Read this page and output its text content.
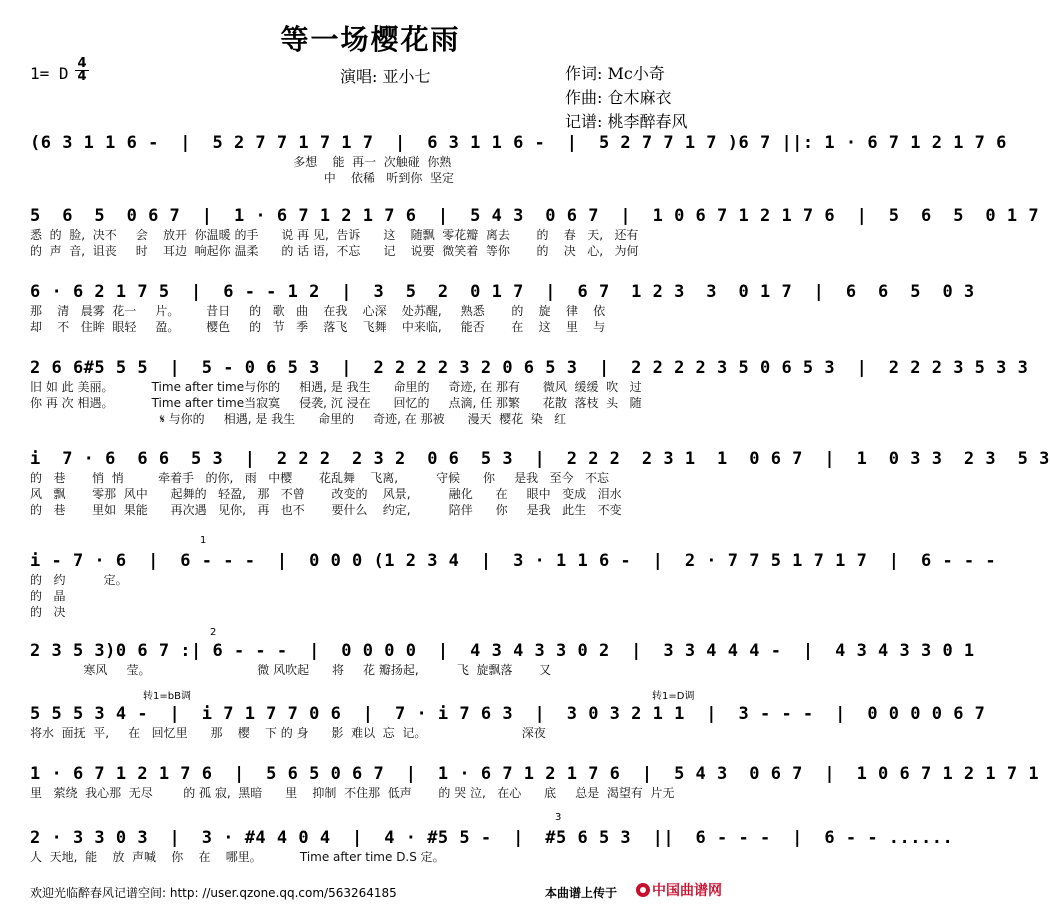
等一场樱花雨
1= D
4
4	演唱: 亚小七	作词: Mc小奇
作曲: 仓木麻衣
记谱: 桃李醉春风
(6 3 1 1 6 -  |  5 2 7 7 1 7 1 7  |  6 3 1 1 6 -  |  5 2 7 7 1 7 )6 7 ||: 1 · 6 7 1 2 1 7 6
多想    能  再一  次触碰  你熟
中    依稀   听到你  坚定
5  6  5  0 6 7  |  1 · 6 7 1 2 1 7 6  |  5 4 3  0 6 7  |  1 0 6 7 1 2 1 7 6  |  5  6  5  0 1 7
悉  的  脸,  决不     会    放开  你温暖 的手      说 再 见,  告诉      这    随飘  零花瓣  离去       的    春   天,   还有
的  声  音,  诅丧     时    耳边  响起你 温柔      的 话 语,  不忘      记    说要  微笑着  等你       的    决   心,   为何
6 · 6 2 1 7 5  |  6 - - 1 2  |  3  5  2  0 1 7  |  6 7  1 2 3  3  0 1 7  |  6  6  5  0 3
那    清   晨雾  花一     片。       昔日     的   歌   曲    在我    心深    处苏醒,     熟悉       的    旋    律    依
却    不   住眸  眼轻     盈。       樱色     的   节   季    落飞    飞舞    中来临,     能否       在    这    里    与
2 6 6#5 5 5  |  5 - 0 6 5 3  |  2 2 2 2 3 2 0 6 5 3  |  2 2 2 2 3 5 0 6 5 3  |  2 2 2 3 5 3 3
旧 如 此 美丽。          Time after time与你的     相遇, 是 我生      命里的     奇迹, 在 那有      微风  缓缓  吹   过
你 再 次 相遇。          Time after time当寂寞     侵袭, 沉 浸在      回忆的     点滴, 任 那繁      花散  落枝  头   随
𝄋 与你的     相遇, 是 我生      命里的     奇迹, 在 那被      漫天  樱花  染   红
i  7 · 6  6 6  5 3  |  2 2 2  2 3 2  0 6  5 3  |  2 2 2  2 3 1  1  0 6 7  |  1  0 3 3  2 3  5 3
的   巷       悄  悄         牵着手   的你,   雨   中樱       花乱舞    飞离,          守候      你     是我   至今   不忘
风   飘       零那  风中      起舞的   轻盈,   那   不曾       改变的    风景,          融化      在     眼中   变成   泪水
的   巷       里如  果能      再次遇   见你,   再   也不       要什么    约定,          陪伴      你     是我   此生   不变
1
i - 7 · 6  |  6 - - -  |  0 0 0 (1 2 3 4  |  3 · 1 1 6 -  |  2 · 7 7 5 1 7 1 7  |  6 - - -
的   约          定。
的   晶
的   决
2
2 3 5 3)0 6 7 :| 6 - - -  |  0 0 0 0  |  4 3 4 3 3 0 2  |  3 3 4 4 4 -  |  4 3 4 3 3 0 1
寒风     莹。                            微 风吹起      将     花 瓣扬起,          飞  旋飘落       又
转1=bB调	转1=D调
5 5 5 3 4 -  |  i 7 1 7 7 0 6  |  7 · i 7 6 3  |  3 0 3 2 1 1  |  3 - - -  |  0 0 0 0 6 7
将水  面抚  平,     在   回忆里      那    樱    下 的 身      影  难以  忘  记。                         深夜
1 · 6 7 1 2 1 7 6  |  5 6 5 0 6 7  |  1 · 6 7 1 2 1 7 6  |  5 4 3  0 6 7  |  1 0 6 7 1 2 1 7 1
里   萦绕  我心那  无尽        的 孤 寂,  黑暗      里    抑制  不住那  低声       的 哭 泣,   在心      底     总是  渴望有  片无
3
2 · 3 3 0 3  |  3 · #4 4 0 4  |  4 · #5 5 -  |  #5 6 5 3  ||  6 - - -  |  6 - - ......
人  天地,  能    放  声喊    你    在    哪里。          Time after time D.S 定。
欢迎光临醉春风记谱空间: http: //user.qzone.qq.com/563264185	本曲谱上传于	中国曲谱网
